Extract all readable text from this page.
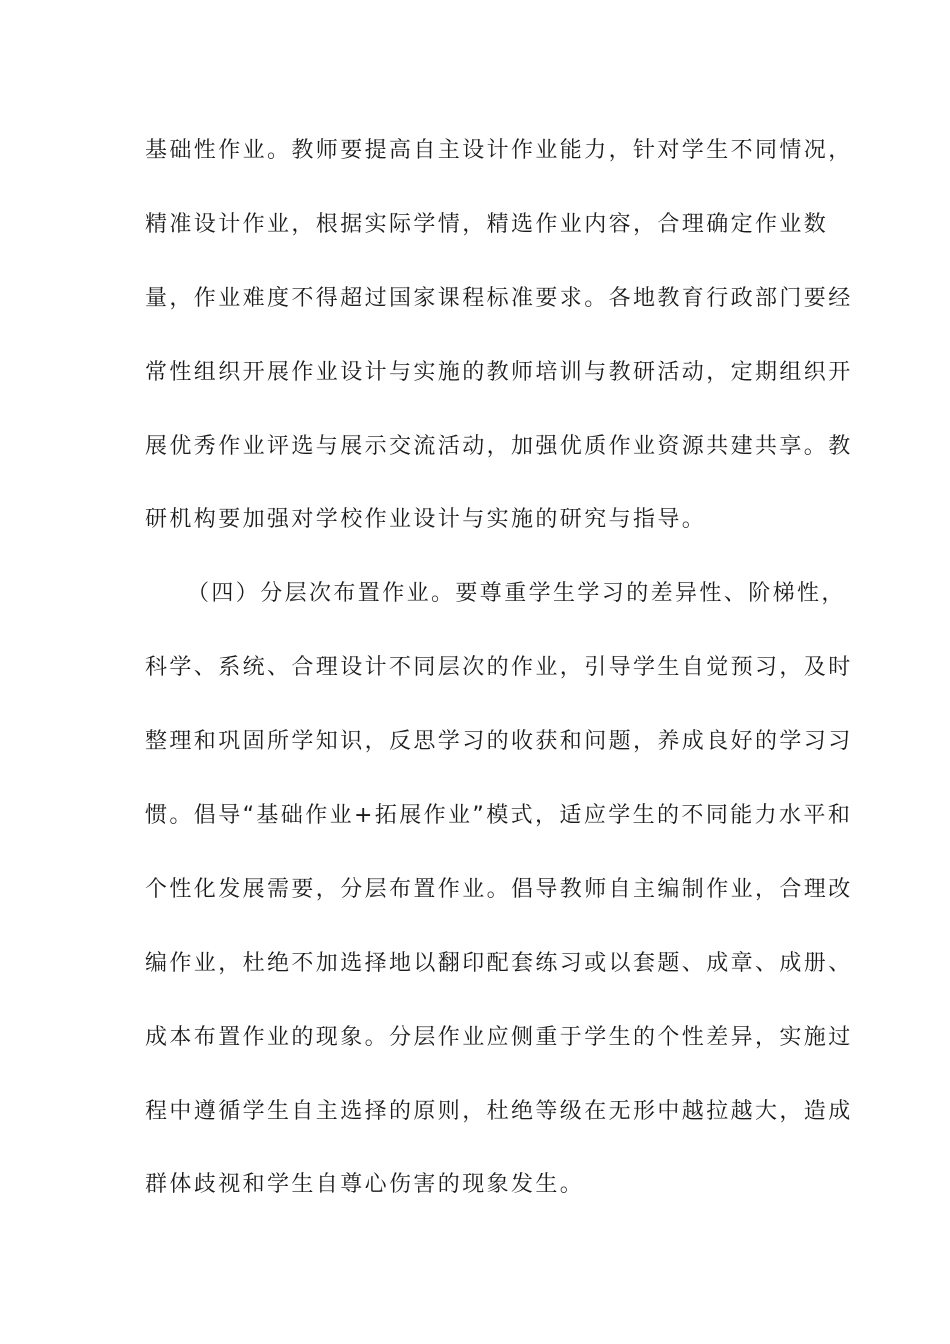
基础性作业。教师要提高自主设计作业能力，针对学生不同情况，
精准设计作业，根据实际学情，精选作业内容，合理确定作业数
量，作业难度不得超过国家课程标准要求。各地教育行政部门要经
常性组织开展作业设计与实施的教师培训与教研活动，定期组织开
展优秀作业评选与展示交流活动，加强优质作业资源共建共享。教
研机构要加强对学校作业设计与实施的研究与指导。
（四）分层次布置作业。要尊重学生学习的差异性、阶梯性，
科学、系统、合理设计不同层次的作业，引导学生自觉预习，及时
整理和巩固所学知识，反思学习的收获和问题，养成良好的学习习
惯。倡导“基础作业+拓展作业”模式，适应学生的不同能力水平和
个性化发展需要，分层布置作业。倡导教师自主编制作业，合理改
编作业，杜绝不加选择地以翻印配套练习或以套题、成章、成册、
成本布置作业的现象。分层作业应侧重于学生的个性差异，实施过
程中遵循学生自主选择的原则，杜绝等级在无形中越拉越大，造成
群体歧视和学生自尊心伤害的现象发生。
